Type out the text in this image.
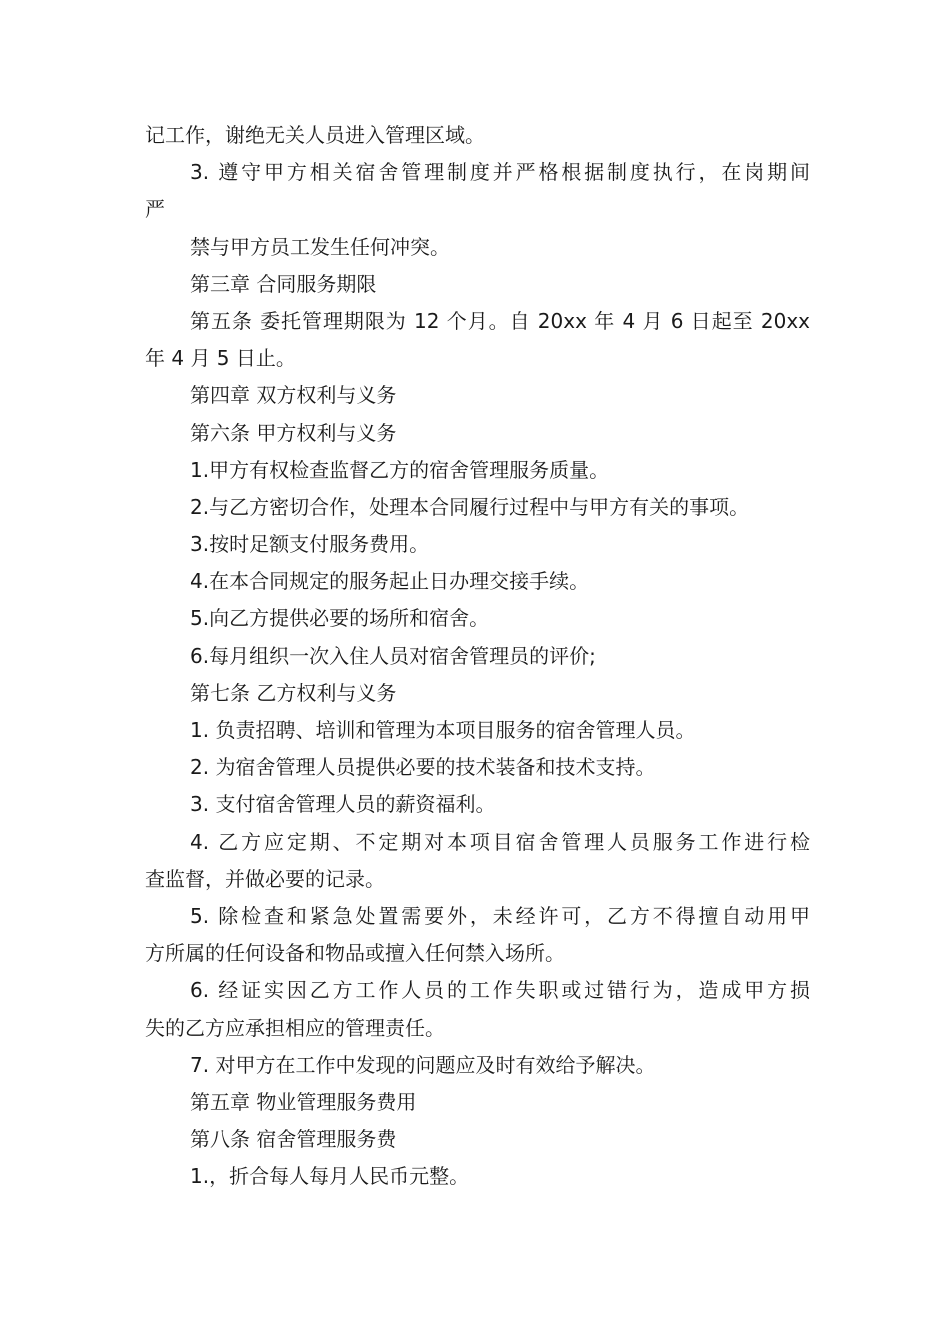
记工作，谢绝无关人员进入管理区域。

3. 遵守甲方相关宿舍管理制度并严格根据制度执行，在岗期间

严

禁与甲方员工发生任何冲突。

第三章 合同服务期限

第五条 委托管理期限为 12 个月。自 20xx 年 4 月 6 日起至 20xx

年 4 月 5 日止。

第四章 双方权利与义务

第六条 甲方权利与义务

1.甲方有权检查监督乙方的宿舍管理服务质量。

2.与乙方密切合作，处理本合同履行过程中与甲方有关的事项。

3.按时足额支付服务费用。

4.在本合同规定的服务起止日办理交接手续。

5.向乙方提供必要的场所和宿舍。

6.每月组织一次入住人员对宿舍管理员的评价;

第七条 乙方权利与义务

1. 负责招聘、培训和管理为本项目服务的宿舍管理人员。

2. 为宿舍管理人员提供必要的技术装备和技术支持。

3. 支付宿舍管理人员的薪资福利。

4. 乙方应定期、不定期对本项目宿舍管理人员服务工作进行检

查监督，并做必要的记录。

5. 除检查和紧急处置需要外，未经许可，乙方不得擅自动用甲

方所属的任何设备和物品或擅入任何禁入场所。

6. 经证实因乙方工作人员的工作失职或过错行为，造成甲方损

失的乙方应承担相应的管理责任。

7. 对甲方在工作中发现的问题应及时有效给予解决。

第五章 物业管理服务费用

第八条 宿舍管理服务费

1.，折合每人每月人民币元整。
